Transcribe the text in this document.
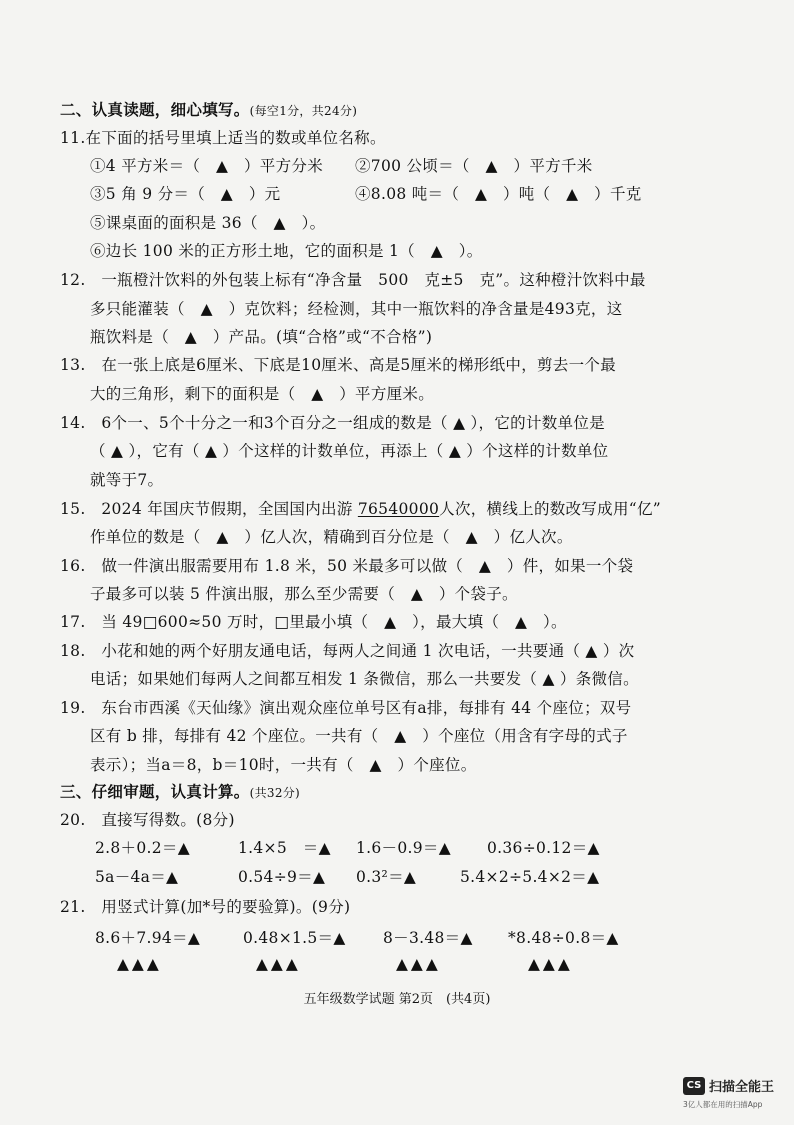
二、认真读题，细心填写。(每空1分，共24分)
11.在下面的括号里填上适当的数或单位名称。
①4 平方米＝（　▲　）平方分米 ②700 公顷＝（　▲　）平方千米
③5 角 9 分＝（　▲　）元	④8.08 吨＝（　▲　）吨（　▲　）千克
⑤课桌面的面积是 36（　▲　）。
⑥边长 100 米的正方形土地，它的面积是 1（　▲　）。
12.　一瓶橙汁饮料的外包装上标有“净含量　500　克±5　克”。这种橙汁饮料中最
多只能灌装（　▲　）克饮料；经检测，其中一瓶饮料的净含量是493克，这
瓶饮料是（　▲　）产品。(填“合格”或“不合格”)
13.　在一张上底是6厘米、下底是10厘米、高是5厘米的梯形纸中，剪去一个最
大的三角形，剩下的面积是（　▲　）平方厘米。
14.　6个一、5个十分之一和3个百分之一组成的数是（ ▲ ），它的计数单位是
（ ▲ ），它有（ ▲ ）个这样的计数单位，再添上（ ▲ ）个这样的计数单位
就等于7。
15.　2024 年国庆节假期，全国国内出游 76540000人次，横线上的数改写成用“亿”
作单位的数是（　▲　）亿人次，精确到百分位是（　▲　）亿人次。
16.　做一件演出服需要用布 1.8 米，50 米最多可以做（　▲　）件，如果一个袋
子最多可以装 5 件演出服，那么至少需要（　▲　）个袋子。
17.　当 49□600≈50 万时，□里最小填（　▲　），最大填（　▲　）。
18.　小花和她的两个好朋友通电话，每两人之间通 1 次电话，一共要通（ ▲ ）次
电话；如果她们每两人之间都互相发 1 条微信，那么一共要发（ ▲ ）条微信。
19.　东台市西溪《天仙缘》演出观众座位单号区有a排，每排有 44 个座位；双号
区有 b 排，每排有 42 个座位。一共有（　▲　）个座位（用含有字母的式子
表示）；当a＝8，b＝10时，一共有（　▲　）个座位。
三、仔细审题，认真计算。(共32分)
20.　直接写得数。(8分)
2.8＋0.2＝▲	1.4×5　＝▲ 1.6－0.9＝▲ 0.36÷0.12＝▲
5a－4a＝▲	0.54÷9＝▲ 0.3²＝▲	5.4×2÷5.4×2＝▲
21.　用竖式计算(加*号的要验算)。(9分)
8.6＋7.94＝▲	0.48×1.5＝▲ 8－3.48＝▲ *8.48÷0.8＝▲
▲▲▲	▲▲▲	▲▲▲	▲▲▲
五年级数学试题 第2页　(共4页)
CS 扫描全能王
3亿人都在用的扫描App
